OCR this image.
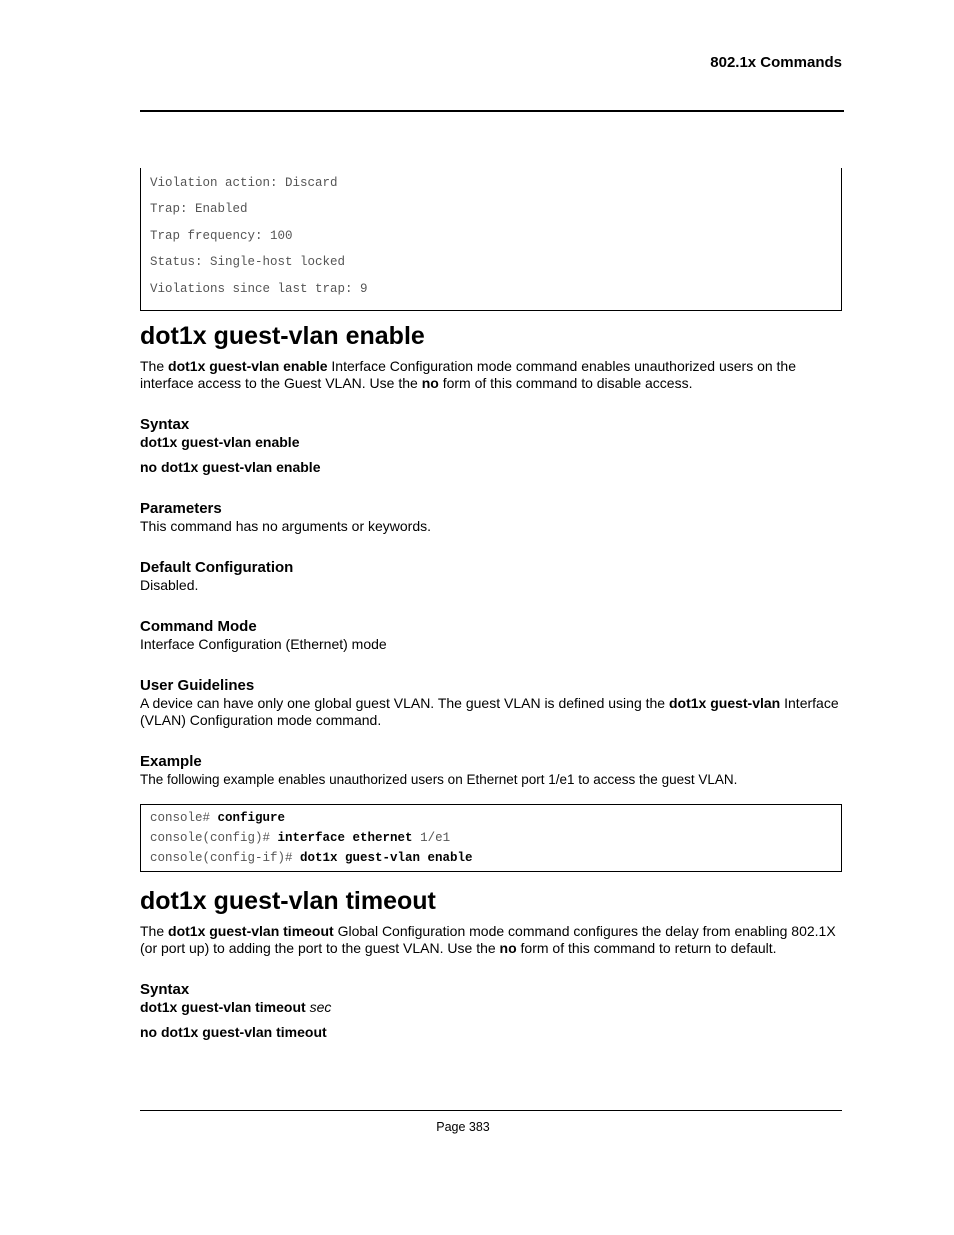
802.1x Commands
Violation action: Discard
Trap: Enabled
Trap frequency: 100
Status: Single-host locked
Violations since last trap: 9
dot1x guest-vlan enable

The dot1x guest-vlan enable Interface Configuration mode command enables unauthorized users on the interface access to the Guest VLAN. Use the no form of this command to disable access.

Syntax
dot1x guest-vlan enable
no dot1x guest-vlan enable
Parameters

This command has no arguments or keywords.

Default Configuration

Disabled.

Command Mode

Interface Configuration (Ethernet) mode

User Guidelines

A device can have only one global guest VLAN. The guest VLAN is defined using the dot1x guest-vlan Interface (VLAN) Configuration mode command.

Example

The following example enables unauthorized users on Ethernet port 1/e1 to access the guest VLAN.

console# configure
console(config)# interface ethernet 1/e1
console(config-if)# dot1x guest-vlan enable
dot1x guest-vlan timeout

The dot1x guest-vlan timeout Global Configuration mode command configures the delay from enabling 802.1X (or port up) to adding the port to the guest VLAN. Use the no form of this command to return to default.

Syntax
dot1x guest-vlan timeout sec
no dot1x guest-vlan timeout
Page 383
